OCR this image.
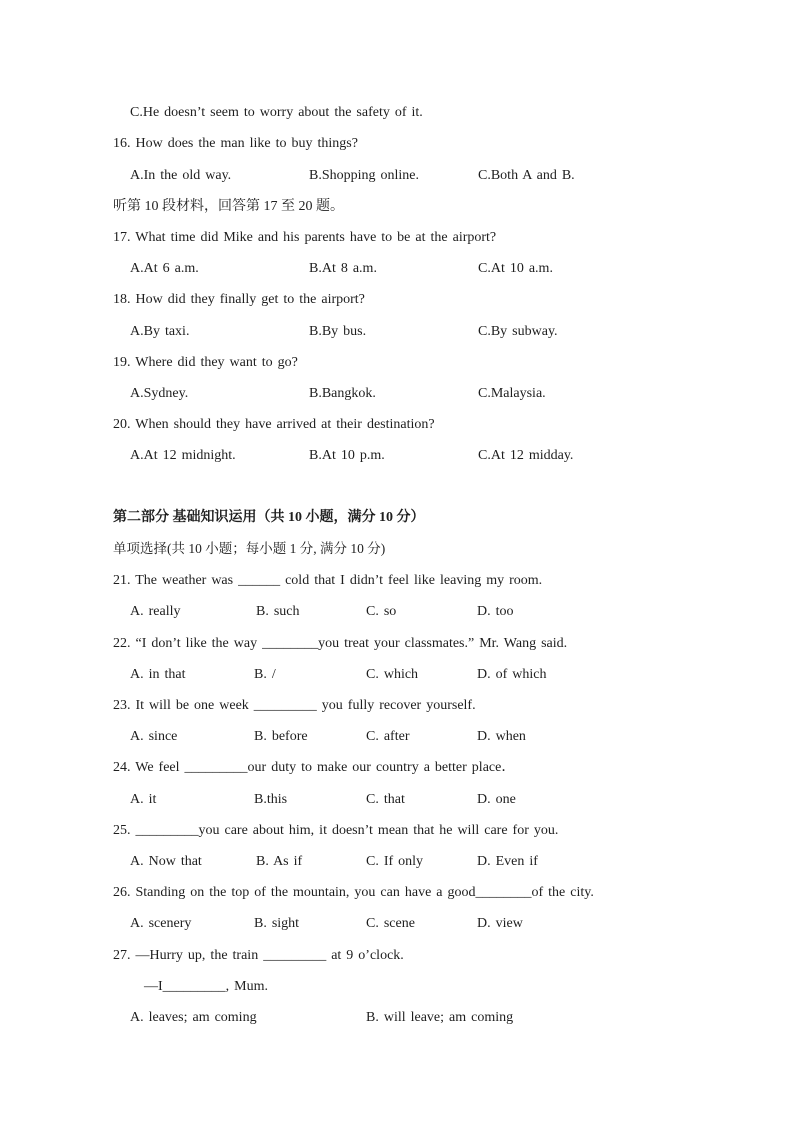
C.He doesn’t seem to worry about the safety of it.
16. How does the man like to buy things?
A.In the old way.	B.Shopping online.	C.Both A and B.
听第 10 段材料，回答第 17 至 20 题。
17. What time did Mike and his parents have to be at the airport?
A.At 6 a.m.	B.At 8 a.m.	C.At 10 a.m.
18. How did they finally get to the airport?
A.By taxi.	B.By bus.	C.By subway.
19. Where did they want to go?
A.Sydney.	B.Bangkok.	C.Malaysia.
20. When should they have arrived at their destination?
A.At 12 midnight.	B.At 10 p.m.	C.At 12 midday.
第二部分 基础知识运用（共 10 小题，满分 10 分）
单项选择(共 10 小题；每小题 1 分, 满分 10 分)
21. The weather was ______ cold that I didn’t feel like leaving my room.
A. really	B. such	C. so	D. too
22. “I don’t like the way ________you treat your classmates.” Mr. Wang said.
A. in that	B. /	C. which	D. of which
23. It will be one week _________ you fully recover yourself.
A. since	B. before	C. after	D. when
24. We feel _________our duty to make our country a better place．
A. it	B.this	C. that	D. one
25. _________you care about him, it doesn’t mean that he will care for you.
A. Now that	B. As if	C. If only	D. Even if
26. Standing on the top of the mountain, you can have a good________of the city.
A. scenery	B. sight	C. scene	D. view
27. —Hurry up, the train _________ at 9 o’clock.
—I_________, Mum.
A. leaves; am coming	B. will leave; am coming
